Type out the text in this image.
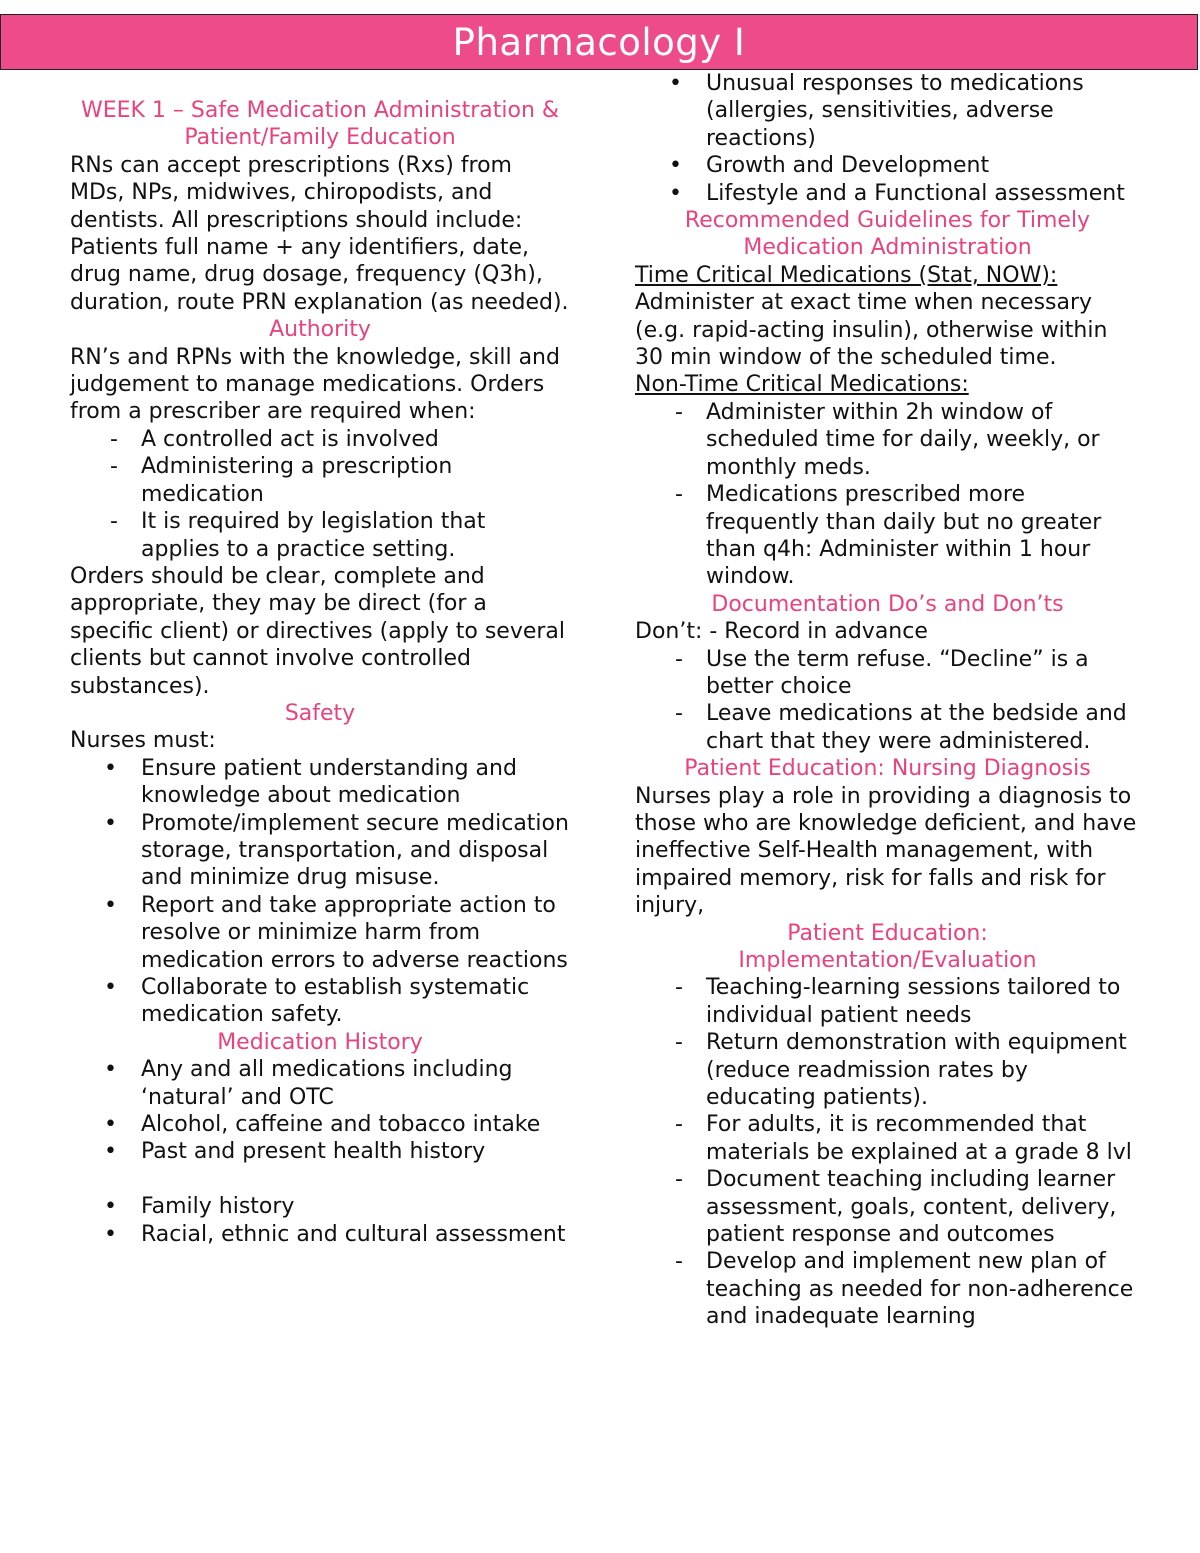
Pharmacology I
WEEK 1 – Safe Medication Administration & Patient/Family Education

RNs can accept prescriptions (Rxs) from MDs, NPs, midwives, chiropodists, and dentists. All prescriptions should include: Patients full name + any identifiers, date, drug name, drug dosage, frequency (Q3h), duration, route PRN explanation (as needed).

Authority

RN’s and RPNs with the knowledge, skill and judgement to manage medications. Orders from a prescriber are required when:

- A controlled act is involved
- Administering a prescription medication
- It is required by legislation that applies to a practice setting.

Orders should be clear, complete and appropriate, they may be direct (for a specific client) or directives (apply to several clients but cannot involve controlled substances).

Safety

Nurses must:

• Ensure patient understanding and knowledge about medication
• Promote/implement secure medication storage, transportation, and disposal and minimize drug misuse.
• Report and take appropriate action to resolve or minimize harm from medication errors to adverse reactions
• Collaborate to establish systematic medication safety.
Medication History
• Any and all medications including ‘natural’ and OTC
• Alcohol, caffeine and tobacco intake
• Past and present health history
• Family history
• Racial, ethnic and cultural assessment
• Unusual responses to medications (allergies, sensitivities, adverse reactions)
• Growth and Development
• Lifestyle and a Functional assessment
Recommended Guidelines for Timely Medication Administration
Time Critical Medications (Stat, NOW):

Administer at exact time when necessary (e.g. rapid-acting insulin), otherwise within 30 min window of the scheduled time.

Non-Time Critical Medications:
- Administer within 2h window of scheduled time for daily, weekly, or monthly meds.
- Medications prescribed more frequently than daily but no greater than q4h: Administer within 1 hour window.
Documentation Do’s and Don’ts

Don’t: - Record in advance

- Use the term refuse. “Decline” is a better choice
- Leave medications at the bedside and chart that they were administered.
Patient Education: Nursing Diagnosis

Nurses play a role in providing a diagnosis to those who are knowledge deficient, and have ineffective Self-Health management, with impaired memory, risk for falls and risk for injury,

Patient Education: Implementation/Evaluation
- Teaching-learning sessions tailored to individual patient needs
- Return demonstration with equipment (reduce readmission rates by educating patients).
- For adults, it is recommended that materials be explained at a grade 8 lvl
- Document teaching including learner assessment, goals, content, delivery, patient response and outcomes
- Develop and implement new plan of teaching as needed for non-adherence and inadequate learning
